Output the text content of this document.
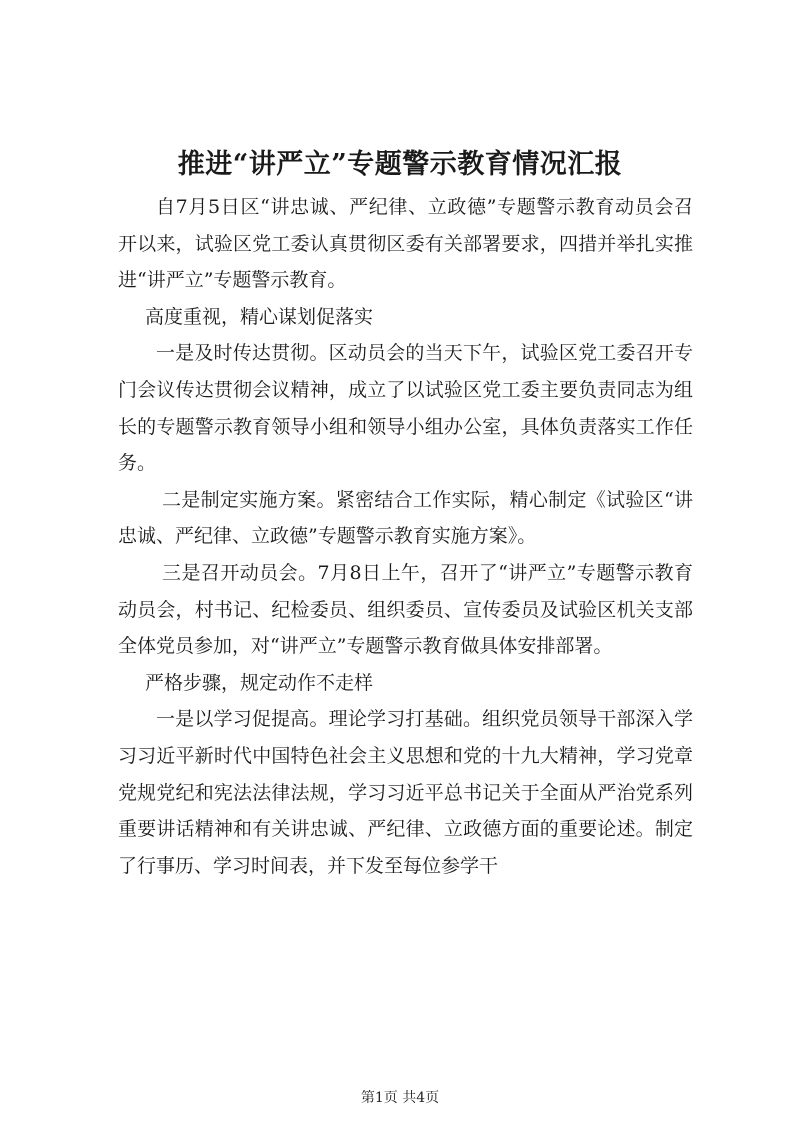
推进“讲严立”专题警示教育情况汇报

自7月5日区“讲忠诚、严纪律、立政德”专题警示教育动员会召开以来，试验区党工委认真贯彻区委有关部署要求，四措并举扎实推进“讲严立”专题警示教育。

高度重视，精心谋划促落实

一是及时传达贯彻。区动员会的当天下午，试验区党工委召开专门会议传达贯彻会议精神，成立了以试验区党工委主要负责同志为组长的专题警示教育领导小组和领导小组办公室，具体负责落实工作任务。

二是制定实施方案。紧密结合工作实际，精心制定《试验区“讲忠诚、严纪律、立政德”专题警示教育实施方案》。

三是召开动员会。7月8日上午，召开了“讲严立”专题警示教育动员会，村书记、纪检委员、组织委员、宣传委员及试验区机关支部全体党员参加，对“讲严立”专题警示教育做具体安排部署。

严格步骤，规定动作不走样

一是以学习促提高。理论学习打基础。组织党员领导干部深入学习习近平新时代中国特色社会主义思想和党的十九大精神，学习党章党规党纪和宪法法律法规，学习习近平总书记关于全面从严治党系列重要讲话精神和有关讲忠诚、严纪律、立政德方面的重要论述。制定了行事历、学习时间表，并下发至每位参学干

第1页 共4页
